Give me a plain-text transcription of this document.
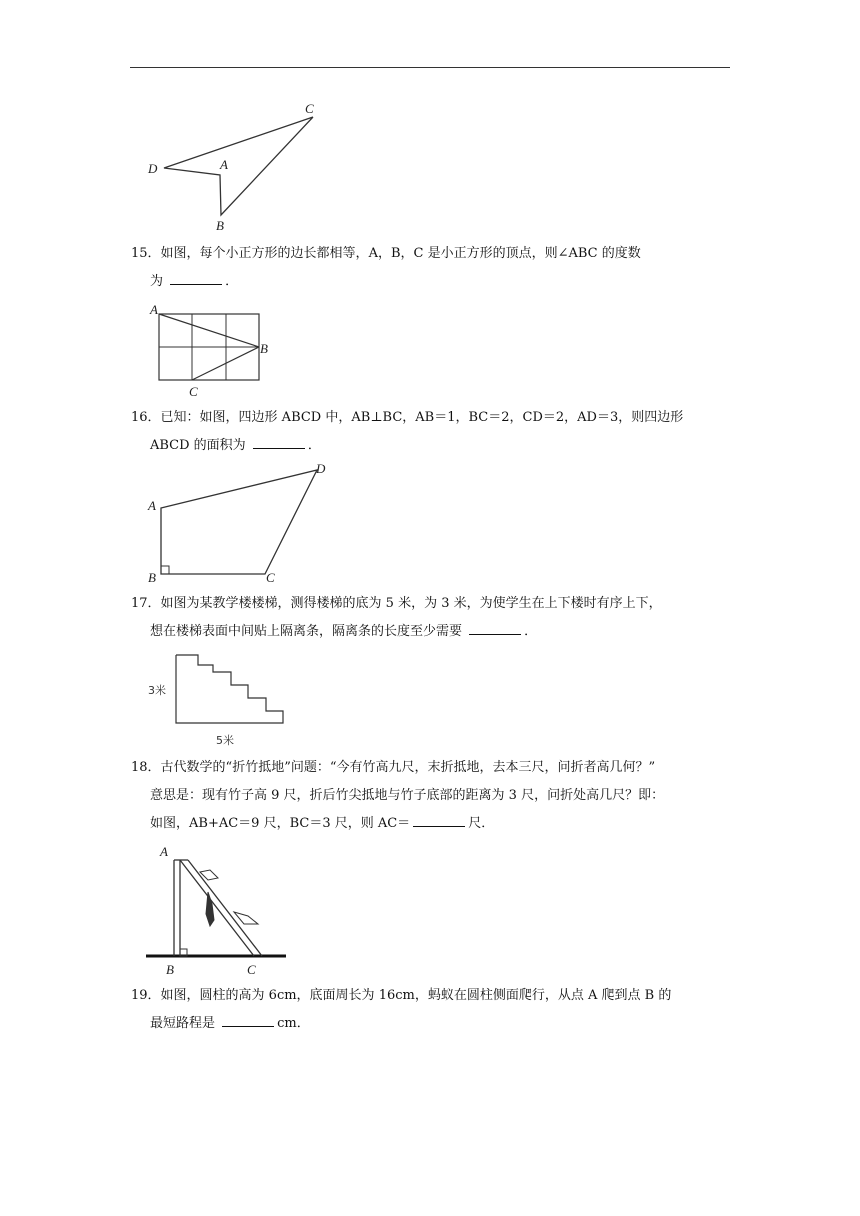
C
D	A
B
15．如图，每个小正方形的边长都相等，A，B，C 是小正方形的顶点，则∠ABC 的度数
为	．
A
B
C
16．已知：如图，四边形 ABCD 中，AB⊥BC，AB＝1，BC＝2，CD＝2，AD＝3，则四边形
ABCD 的面积为	．
A
B	C
D
17．如图为某教学楼楼梯，测得楼梯的底为 5 米，为 3 米，为使学生在上下楼时有序上下，
想在楼梯表面中间贴上隔离条，隔离条的长度至少需要	．
3米
5米
18．古代数学的“折竹抵地”问题：“今有竹高九尺，末折抵地，去本三尺，问折者高几何？”
意思是：现有竹子高 9 尺，折后竹尖抵地与竹子底部的距离为 3 尺，问折处高几尺？即：
如图，AB+AC＝9 尺，BC＝3 尺，则 AC＝	尺．
A
B	C
19．如图，圆柱的高为 6cm，底面周长为 16cm，蚂蚁在圆柱侧面爬行，从点 A 爬到点 B 的
最短路程是	cm．
